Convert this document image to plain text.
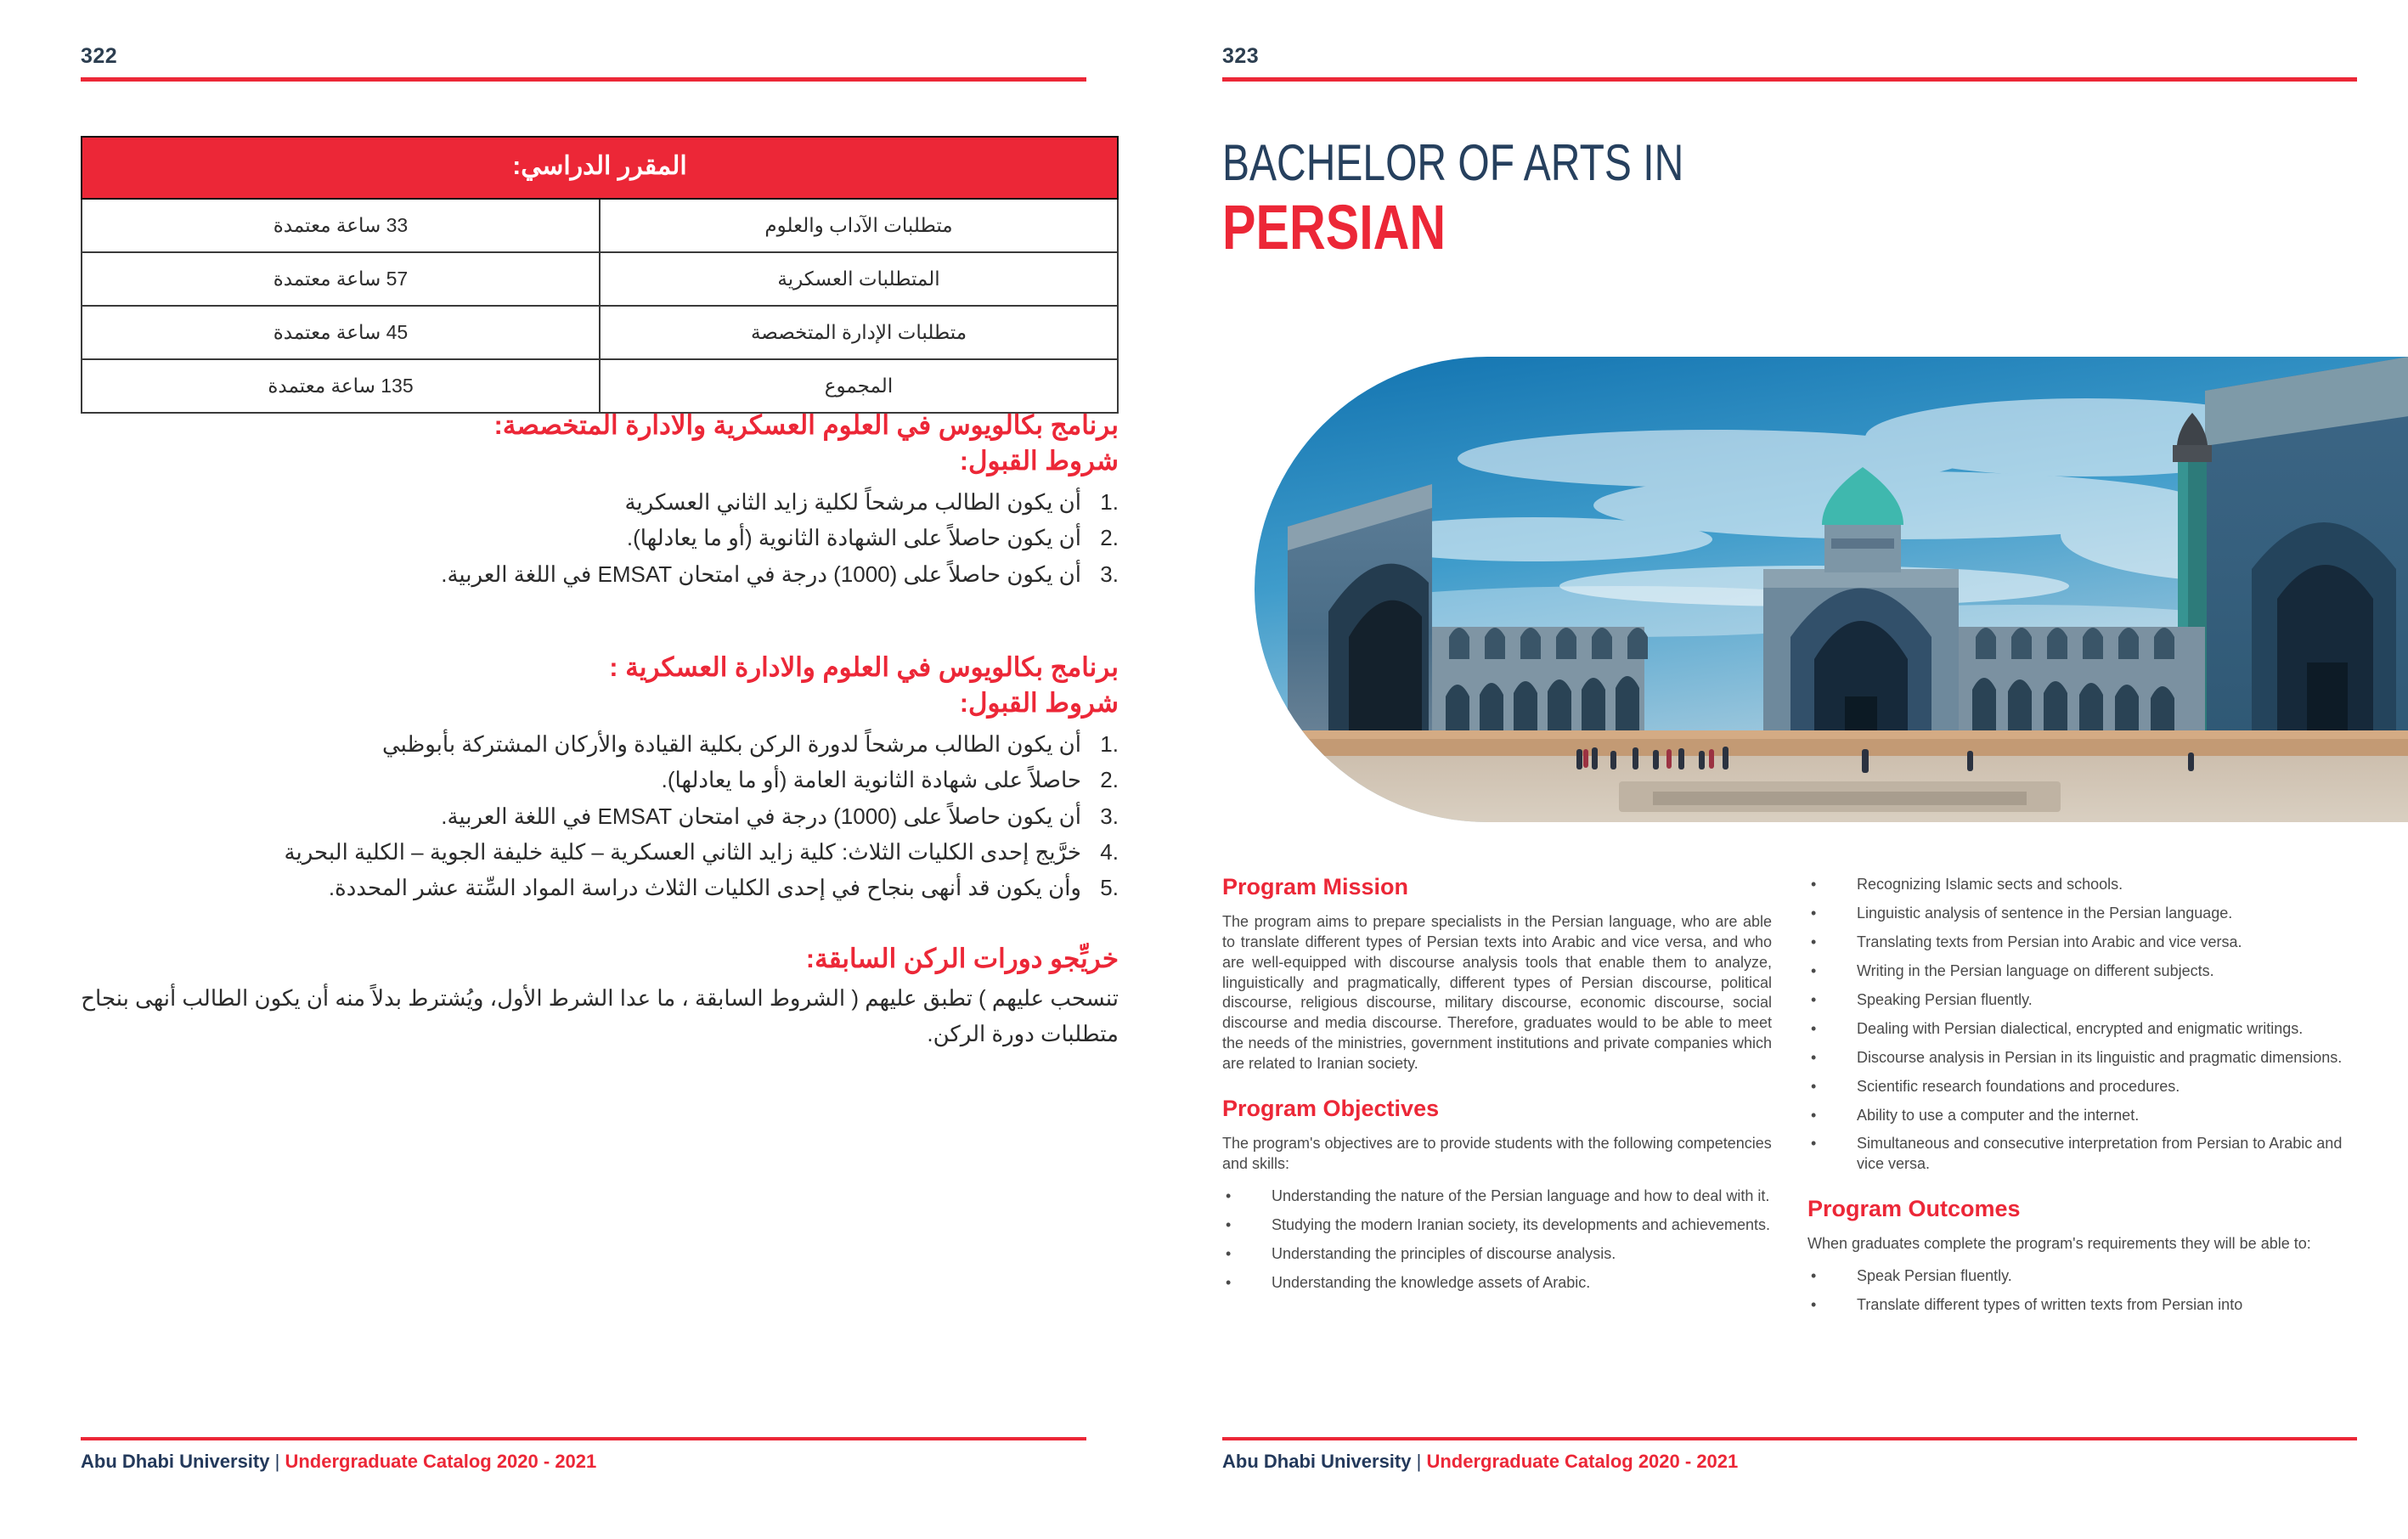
322
المقرر الدراسي:	
33 ساعة معتمدة	متطلبات الآداب والعلوم
57 ساعة معتمدة	المتطلبات العسكرية
45 ساعة معتمدة	متطلبات الإدارة المتخصصة
135 ساعة معتمدة	المجموع
برنامج بكالويوس في العلوم العسكرية والادارة المتخصصة:
شروط القبول:
.1أن يكون الطالب مرشحاً لكلية زايد الثاني العسكرية
.2أن يكون حاصلاً على الشهادة الثانوية (أو ما يعادلها).
.3أن يكون حاصلاً على (1000) درجة في امتحان EMSAT في اللغة العربية.
برنامج بكالويوس في العلوم والادارة العسكرية :
شروط القبول:
.1أن يكون الطالب مرشحاً لدورة الركن بكلية القيادة والأركان المشتركة بأبوظبي
.2حاصلاً على شهادة الثانوية العامة (أو ما يعادلها).
.3أن يكون حاصلاً على (1000) درجة في امتحان EMSAT في اللغة العربية.
.4خرَّيج إحدى الكليات الثلاث: كلية زايد الثاني العسكرية – كلية خليفة الجوية – الكلية البحرية
.5وأن يكون قد أنهى بنجاح في إحدى الكليات الثلاث دراسة المواد السِّتة عشر المحددة.
خريِّجو دورات الركن السابقة:
تنسحب عليهم ) تطبق عليهم ( الشروط السابقة ، ما عدا الشرط الأول، ويُشترط بدلاً منه أن يكون الطالب أنهى بنجاح متطلبات دورة الركن.
Abu Dhabi University | Undergraduate Catalog 2020 - 2021
323
BACHELOR OF ARTS IN
PERSIAN
Program Mission

The program aims to prepare specialists in the Persian language, who are able to translate different types of Persian texts into Arabic and vice versa, and who are well-equipped with discourse analysis tools that enable them to analyze, linguistically and pragmatically, different types of Persian discourse, political discourse, religious discourse, military discourse, economic discourse, social discourse and media discourse. Therefore, graduates would to be able to meet the needs of the ministries, government institutions and private companies which are related to Iranian society.

Program Objectives

The program's objectives are to provide students with the following competencies and skills:

•	Understanding the nature of the Persian language and how to deal with it.
•	Studying the modern Iranian society, its developments and achievements.
•	Understanding the principles of discourse analysis.
•	Understanding the knowledge assets of Arabic.
•	Recognizing Islamic sects and schools.
•	Linguistic analysis of sentence in the Persian language.
•	Translating texts from Persian into Arabic and vice versa.
•	Writing in the Persian language on different subjects.
•	Speaking Persian fluently.
•	Dealing with Persian dialectical, encrypted and enigmatic writings.
•	Discourse analysis in Persian in its linguistic and pragmatic dimensions.
•	Scientific research foundations and procedures.
•	Ability to use a computer and the internet.
•	Simultaneous and consecutive interpretation from Persian to Arabic and vice versa.
Program Outcomes

When graduates complete the program's requirements they will be able to:

•	Speak Persian fluently.
•	Translate different types of written texts from Persian into
Abu Dhabi University | Undergraduate Catalog 2020 - 2021
